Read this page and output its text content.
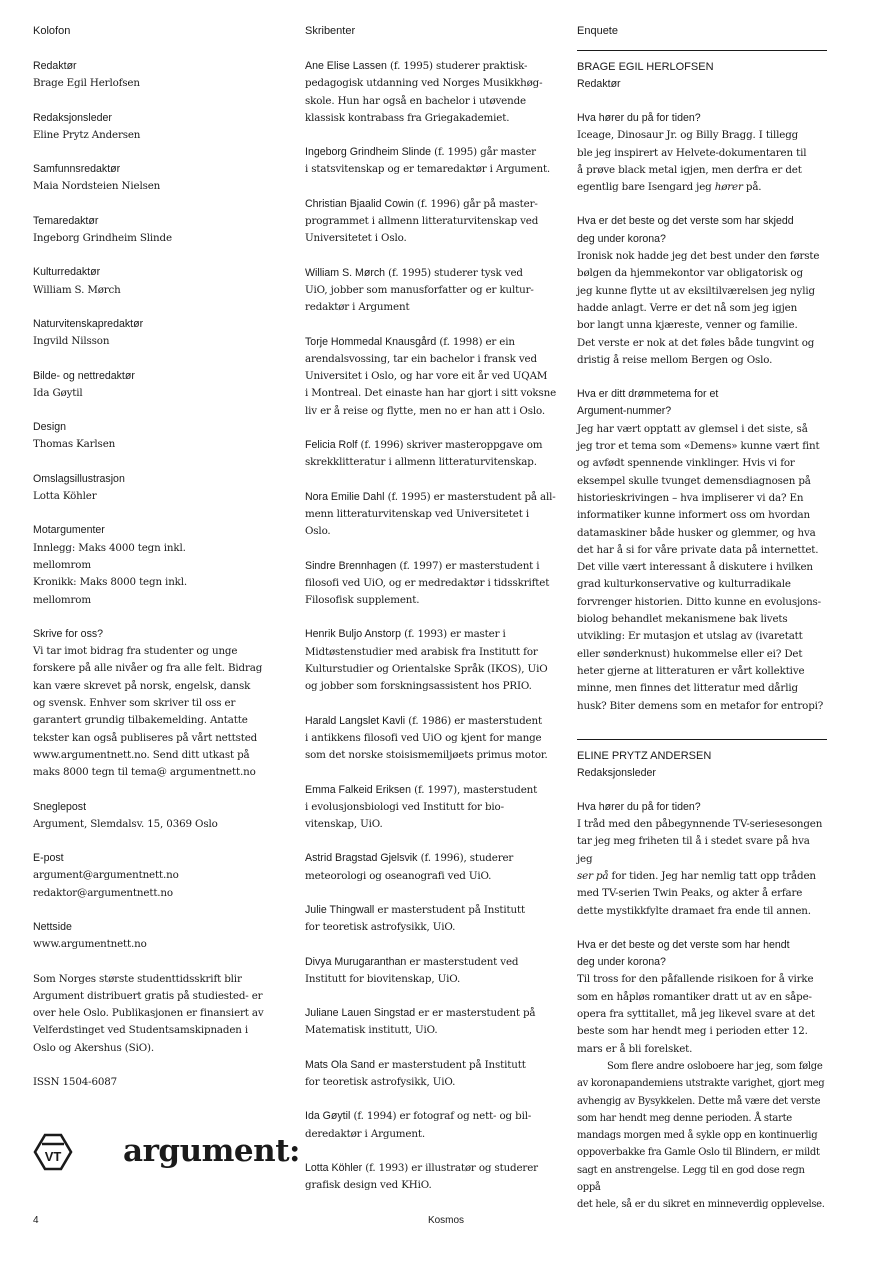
Kolofon
Redaktør
Brage Egil Herlofsen
Redaksjonsleder
Eline Prytz Andersen
Samfunnsredaktør
Maia Nordsteien Nielsen
Temaredaktør
Ingeborg Grindheim Slinde
Kulturredaktør
William S. Mørch
Naturvitenskapredaktør
Ingvild Nilsson
Bilde- og nettredaktør
Ida Gøytil
Design
Thomas Karlsen
Omslagsillustrasjon
Lotta Köhler
Motargumenter
Innlegg: Maks 4000 tegn inkl.
mellomrom
Kronikk: Maks 8000 tegn inkl.
mellomrom
Skrive for oss?
Vi tar imot bidrag fra studenter og unge
forskere på alle nivåer og fra alle felt. Bidrag
kan være skrevet på norsk, engelsk, dansk
og svensk. Enhver som skriver til oss er
garantert grundig tilbakemelding. Antatte
tekster kan også publiseres på vårt nettsted
www.argumentnett.no. Send ditt utkast på
maks 8000 tegn til tema@ argumentnett.no
Sneglepost
Argument, Slemdalsv. 15, 0369 Oslo
E-post
argument@argumentnett.no
redaktor@argumentnett.no
Nettside
www.argumentnett.no
Som Norges største studenttidsskrift blir
Argument distribuert gratis på studiested- er
over hele Oslo. Publikasjonen er finansiert av
Velferdstinget ved Studentsamskipnaden i
Oslo og Akershus (SiO).
ISSN 1504-6087
VT argument:
Skribenter
Ane Elise Lassen (f. 1995) studerer praktisk-
pedagogisk utdanning ved Norges Musikkhøg-
skole. Hun har også en bachelor i utøvende
klassisk kontrabass fra Griegakademiet.
Ingeborg Grindheim Slinde (f. 1995) går master
i statsvitenskap og er temaredaktør i Argument.
Christian Bjaalid Cowin (f. 1996) går på master-
programmet i allmenn litteraturvitenskap ved
Universitetet i Oslo.
William S. Mørch (f. 1995) studerer tysk ved
UiO, jobber som manusforfatter og er kultur-
redaktør i Argument
Torje Hommedal Knausgård (f. 1998) er ein
arendalsvossing, tar ein bachelor i fransk ved
Universitet i Oslo, og har vore eit år ved UQAM
i Montreal. Det einaste han har gjort i sitt voksne
liv er å reise og flytte, men no er han att i Oslo.
Felicia Rolf (f. 1996) skriver masteroppgave om
skrekklitteratur i allmenn litteraturvitenskap.
Nora Emilie Dahl (f. 1995) er masterstudent på all-
menn litteraturvitenskap ved Universitetet i Oslo.
Sindre Brennhagen (f. 1997) er masterstudent i
filosofi ved UiO, og er medredaktør i tidsskriftet
Filosofisk supplement.
Henrik Buljo Anstorp (f. 1993) er master i
Midtøstenstudier med arabisk fra Institutt for
Kulturstudier og Orientalske Språk (IKOS), UiO
og jobber som forskningsassistent hos PRIO.
Harald Langslet Kavli (f. 1986) er masterstudent
i antikkens filosofi ved UiO og kjent for mange
som det norske stoisismemiljøets primus motor.
Emma Falkeid Eriksen (f. 1997), masterstudent
i evolusjonsbiologi ved Institutt for bio-
vitenskap, UiO.
Astrid Bragstad Gjelsvik (f. 1996), studerer
meteorologi og oseanografi ved UiO.
Julie Thingwall er masterstudent på Institutt
for teoretisk astrofysikk, UiO.
Divya Murugaranthan er masterstudent ved
Institutt for biovitenskap, UiO.
Juliane Lauen Singstad er er masterstudent på
Matematisk institutt, UiO.
Mats Ola Sand er masterstudent på Institutt
for teoretisk astrofysikk, UiO.
Ida Gøytil (f. 1994) er fotograf og nett- og bil-
deredaktør i Argument.
Lotta Köhler (f. 1993) er illustratør og studerer
grafisk design ved KHiO.
Enquete
BRAGE EGIL HERLOFSEN
Redaktør
Hva hører du på for tiden?
Iceage, Dinosaur Jr. og Billy Bragg. I tillegg
ble jeg inspirert av Helvete-dokumentaren til
å prøve black metal igjen, men derfra er det
egentlig bare Isengard jeg hører på.
Hva er det beste og det verste som har skjedd
deg under korona?
Ironisk nok hadde jeg det best under den første
bølgen da hjemmekontor var obligatorisk og
jeg kunne flytte ut av eksiltilværelsen jeg nylig
hadde anlagt. Verre er det nå som jeg igjen
bor langt unna kjæreste, venner og familie.
Det verste er nok at det føles både tungvint og
dristig å reise mellom Bergen og Oslo.
Hva er ditt drømmetema for et
Argument-nummer?
Jeg har vært opptatt av glemsel i det siste, så
jeg tror et tema som «Demens» kunne vært fint
og avfødt spennende vinklinger. Hvis vi for
eksempel skulle tvunget demensdiagnosen på
historieskrivingen – hva impliserer vi da? En
informatiker kunne informert oss om hvordan
datamaskiner både husker og glemmer, og hva
det har å si for våre private data på internettet.
Det ville vært interessant å diskutere i hvilken
grad kulturkonservative og kulturradikale
forvrenger historien. Ditto kunne en evolusjons-
biolog behandlet mekanismene bak livets
utvikling: Er mutasjon et utslag av (ivaretatt
eller sønderknust) hukommelse eller ei? Det
heter gjerne at litteraturen er vårt kollektive
minne, men finnes det litteratur med dårlig
husk? Biter demens som en metafor for entropi?
ELINE PRYTZ ANDERSEN
Redaksjonsleder
Hva hører du på for tiden?
I tråd med den påbegynnende TV-seriesesongen
tar jeg meg friheten til å i stedet svare på hva jeg
ser på for tiden. Jeg har nemlig tatt opp tråden
med TV-serien Twin Peaks, og akter å erfare
dette mystikkfylte dramaet fra ende til annen.
Hva er det beste og det verste som har hendt
deg under korona?
Til tross for den påfallende risikoen for å virke
som en håpløs romantiker dratt ut av en såpe-
opera fra syttitallet, må jeg likevel svare at det
beste som har hendt meg i perioden etter 12.
mars er å bli forelsket.
Som flere andre osloboere har jeg, som følge
av koronapandemiens utstrakte varighet, gjort meg
avhengig av Bysykkelen. Dette må være det verste
som har hendt meg denne perioden. Å starte
mandags morgen med å sykle opp en kontinuerlig
oppoverbakke fra Gamle Oslo til Blindern, er mildt
sagt en anstrengelse. Legg til en god dose regn oppå
det hele, så er du sikret en minneverdig opplevelse.
4	Kosmos
